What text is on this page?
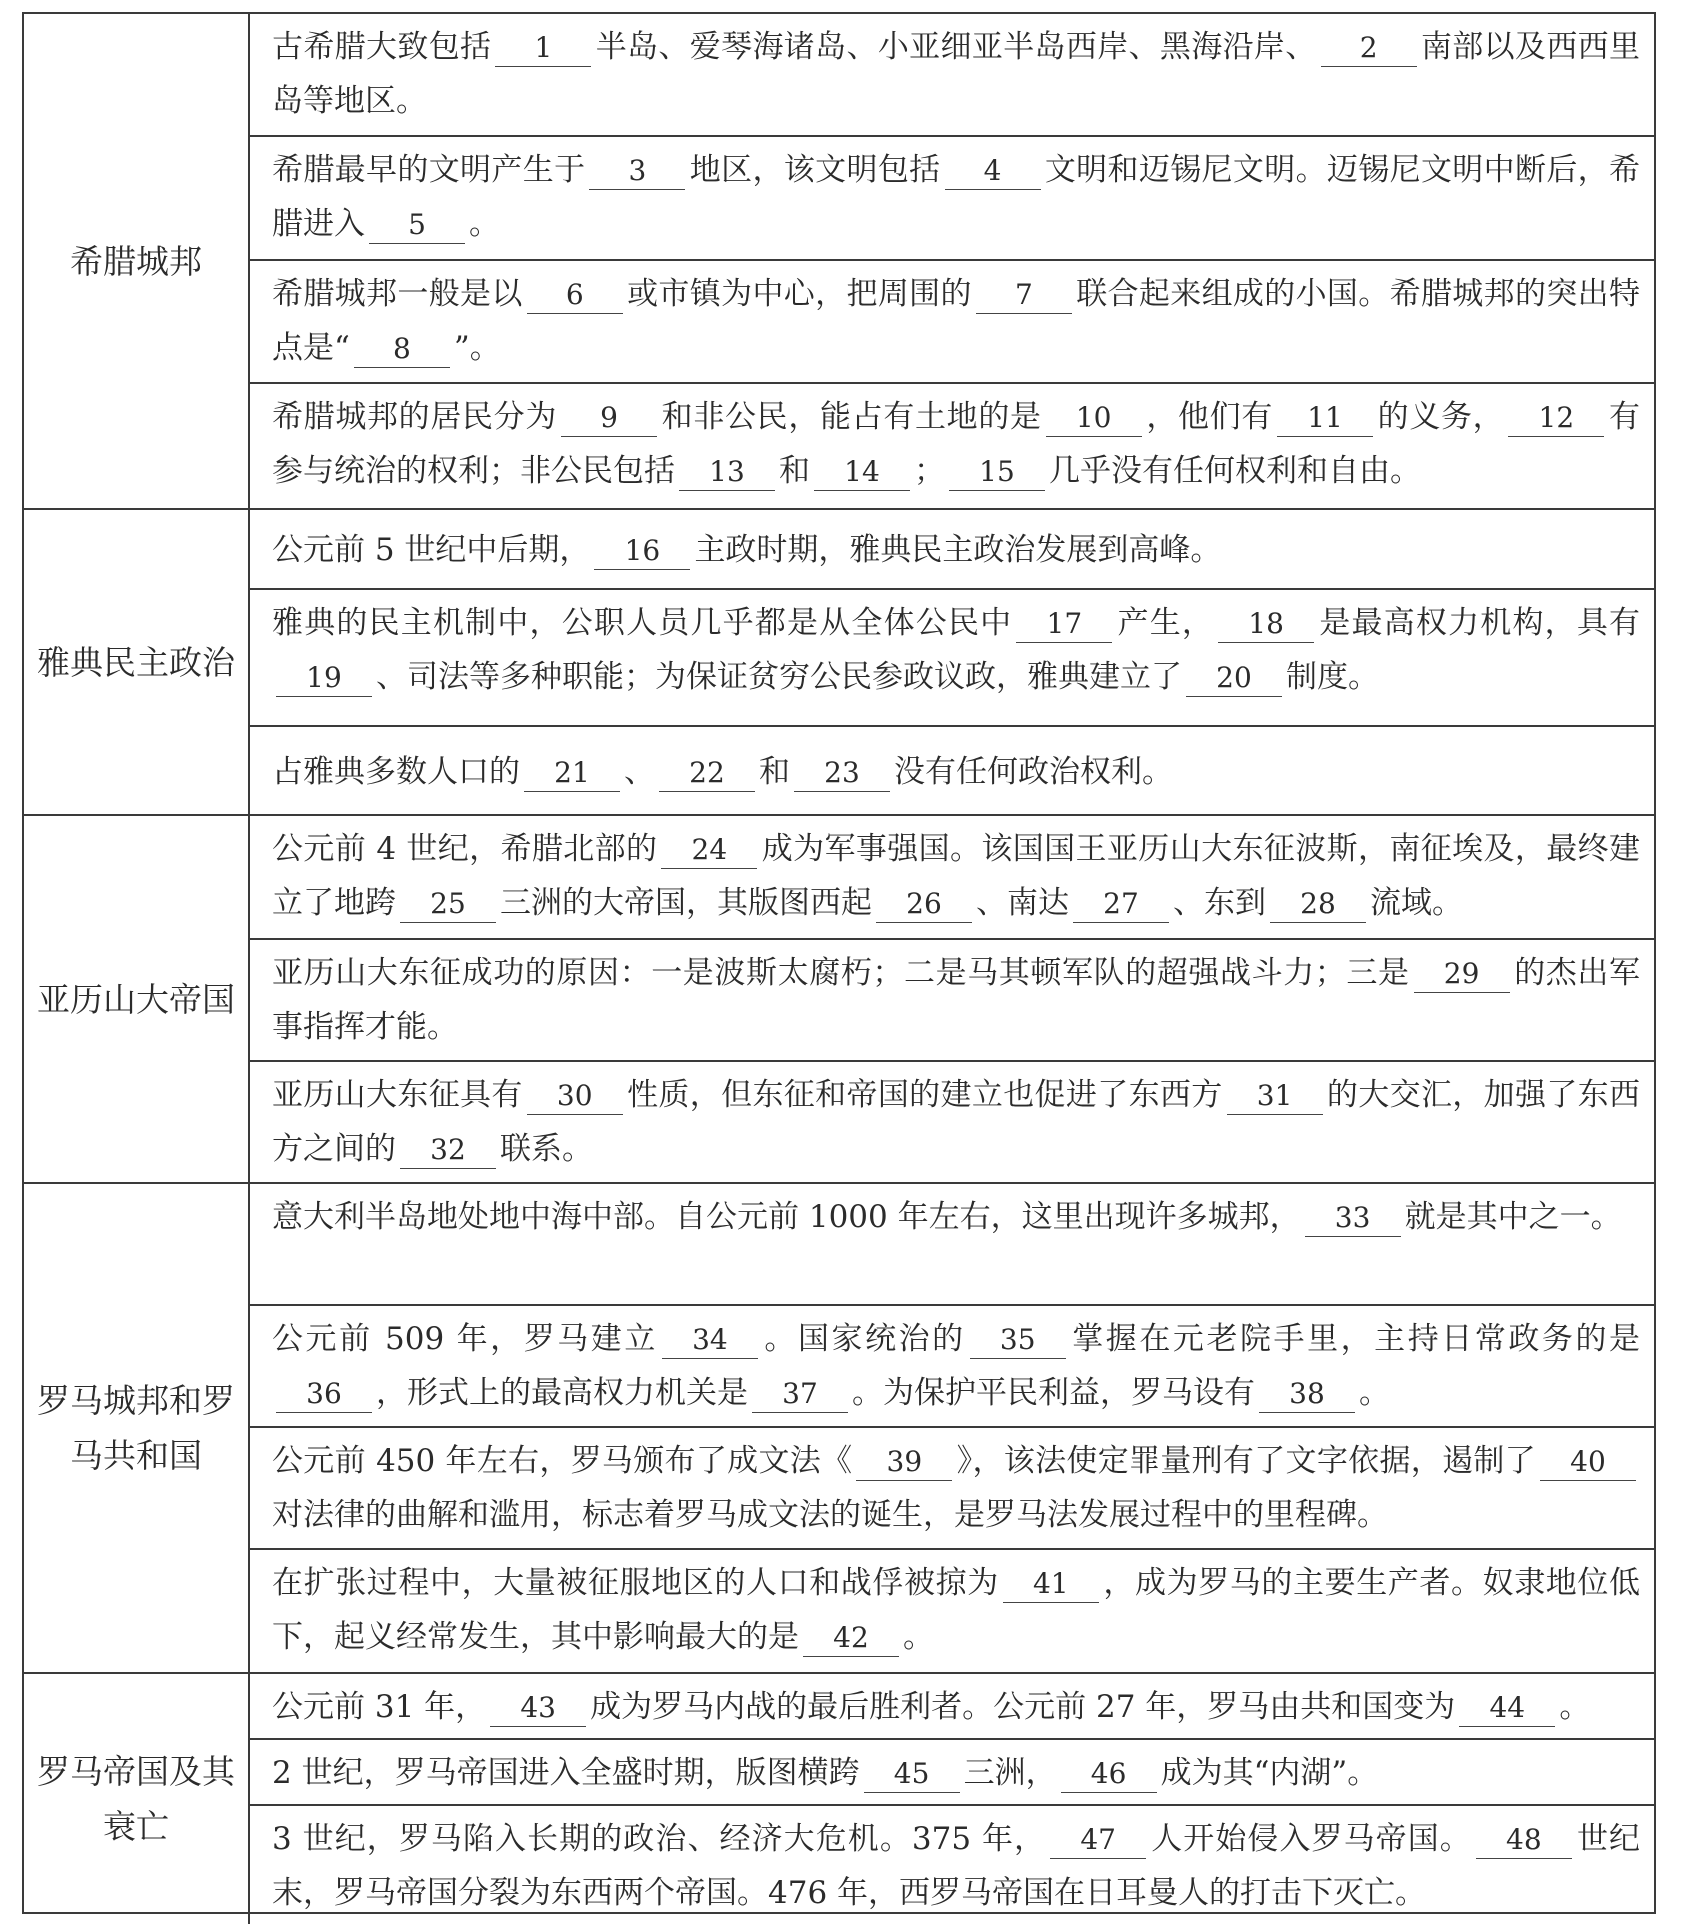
希腊城邦	古希腊大致包括 1 半岛、爱琴海诸岛、小亚细亚半岛西岸、黑海沿岸、 2 南部以及西西里岛等地区。
希腊最早的文明产生于 3 地区，该文明包括 4 文明和迈锡尼文明。迈锡尼文明中断后，希腊进入 5 。
希腊城邦一般是以 6 或市镇为中心，把周围的 7 联合起来组成的小国。希腊城邦的突出特点是“ 8 ”。
希腊城邦的居民分为 9 和非公民，能占有土地的是 10 ，他们有 11 的义务， 12 有参与统治的权利；非公民包括 13 和 14 ； 15 几乎没有任何权利和自由。

雅典民主政治	公元前 5 世纪中后期， 16 主政时期，雅典民主政治发展到高峰。
雅典的民主机制中，公职人员几乎都是从全体公民中 17 产生， 18 是最高权力机构，具有19 、司法等多种职能；为保证贫穷公民参政议政，雅典建立了 20 制度。
占雅典多数人口的 21 、 22 和 23 没有任何政治权利。

亚历山大帝国	公元前 4 世纪，希腊北部的 24 成为军事强国。该国国王亚历山大东征波斯，南征埃及，最终建立了地跨 25 三洲的大帝国，其版图西起 26 、南达 27 、东到 28 流域。
亚历山大东征成功的原因：一是波斯太腐朽；二是马其顿军队的超强战斗力；三是 29 的杰出军事指挥才能。
亚历山大东征具有 30 性质，但东征和帝国的建立也促进了东西方 31 的大交汇，加强了东西方之间的 32 联系。

罗马城邦和罗马共和国	意大利半岛地处地中海中部。自公元前 1000 年左右，这里出现许多城邦， 33 就是其中之一。
公元前 509 年，罗马建立 34 。国家统治的 35 掌握在元老院手里，主持日常政务的是36 ，形式上的最高权力机关是 37 。为保护平民利益，罗马设有 38 。
公元前 450 年左右，罗马颁布了成文法《 39 》，该法使定罪量刑有了文字依据，遏制了 40对法律的曲解和滥用，标志着罗马成文法的诞生，是罗马法发展过程中的里程碑。
在扩张过程中，大量被征服地区的人口和战俘被掠为 41 ，成为罗马的主要生产者。奴隶地位低下，起义经常发生，其中影响最大的是 42 。

罗马帝国及其衰亡	公元前 31 年， 43 成为罗马内战的最后胜利者。公元前 27 年，罗马由共和国变为 44 。
2 世纪，罗马帝国进入全盛时期，版图横跨 45 三洲， 46 成为其“内湖”。
3 世纪，罗马陷入长期的政治、经济大危机。375 年， 47 人开始侵入罗马帝国。 48 世纪末，罗马帝国分裂为东西两个帝国。476 年，西罗马帝国在日耳曼人的打击下灭亡。
